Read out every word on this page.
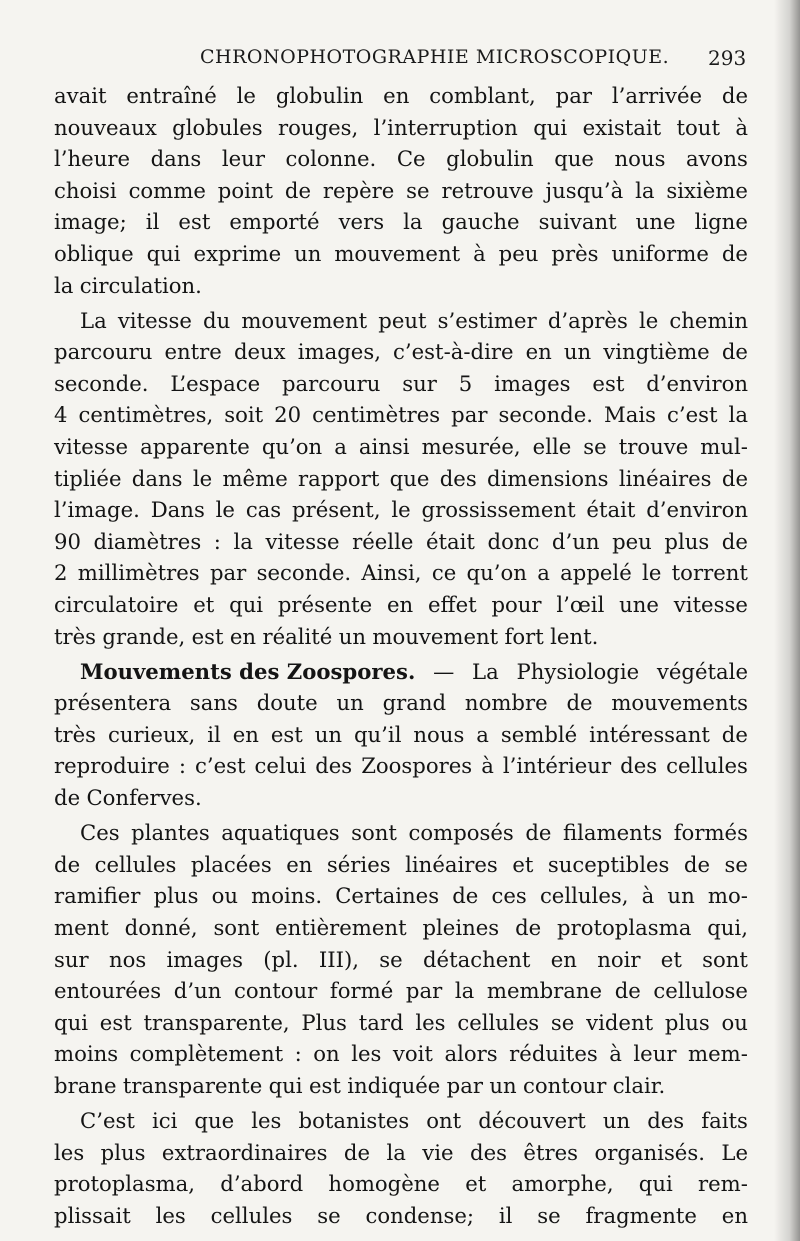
CHRONOPHOTOGRAPHIE MICROSCOPIQUE. 293
avait entraîné le globulin en comblant, par l’arrivée de
nouveaux globules rouges, l’interruption qui existait tout à
l’heure dans leur colonne. Ce globulin que nous avons
choisi comme point de repère se retrouve jusqu’à la sixième
image; il est emporté vers la gauche suivant une ligne
oblique qui exprime un mouvement à peu près uniforme de
la circulation.
La vitesse du mouvement peut s’estimer d’après le chemin
parcouru entre deux images, c’est-à-dire en un vingtième de
seconde. L’espace parcouru sur 5 images est d’environ
4 centimètres, soit 20 centimètres par seconde. Mais c’est la
vitesse apparente qu’on a ainsi mesurée, elle se trouve mul-
tipliée dans le même rapport que des dimensions linéaires de
l’image. Dans le cas présent, le grossissement était d’environ
90 diamètres : la vitesse réelle était donc d’un peu plus de
2 millimètres par seconde. Ainsi, ce qu’on a appelé le torrent
circulatoire et qui présente en effet pour l’œil une vitesse
très grande, est en réalité un mouvement fort lent.
Mouvements des Zoospores. — La Physiologie végétale
présentera sans doute un grand nombre de mouvements
très curieux, il en est un qu’il nous a semblé intéressant de
reproduire : c’est celui des Zoospores à l’intérieur des cellules
de Conferves.
Ces plantes aquatiques sont composés de filaments formés
de cellules placées en séries linéaires et suceptibles de se
ramifier plus ou moins. Certaines de ces cellules, à un mo-
ment donné, sont entièrement pleines de protoplasma qui,
sur nos images (pl. III), se détachent en noir et sont
entourées d’un contour formé par la membrane de cellulose
qui est transparente, Plus tard les cellules se vident plus ou
moins complètement : on les voit alors réduites à leur mem-
brane transparente qui est indiquée par un contour clair.
C’est ici que les botanistes ont découvert un des faits
les plus extraordinaires de la vie des êtres organisés. Le
protoplasma, d’abord homogène et amorphe, qui rem-
plissait les cellules se condense; il se fragmente en
